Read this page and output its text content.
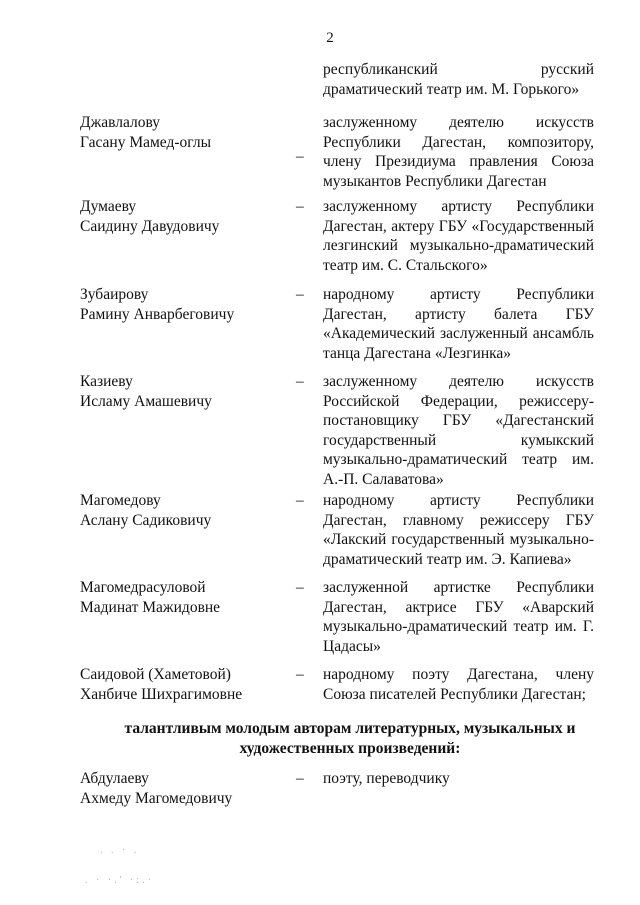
2
республиканский русский драматический театр им. М. Горького»
Джавлалову
Гасану Мамед-оглы
–
заслуженному деятелю искусств Республики Дагестан, композитору, члену Президиума правления Союза музыкантов Республики Дагестан
Думаеву
Саидину Давудовичу
– заслуженному артисту Республики Дагестан, актеру ГБУ «Государственный лезгинский музыкально-драматический театр им. С. Стальского»
Зубаирову
Рамину Анварбеговичу
– народному артисту Республики Дагестан, артисту балета ГБУ «Академический заслуженный ансамбль танца Дагестана «Лезгинка»
Казиеву
Исламу Амашевичу
– заслуженному деятелю искусств Российской Федерации, режиссеру-постановщику ГБУ «Дагестанский государственный кумыкский музыкально-драматический театр им. А.-П. Салаватова»
Магомедову
Аслану Садиковичу
– народному артисту Республики Дагестан, главному режиссеру ГБУ «Лакский государственный музыкально-драматический театр им. Э. Капиева»
Магомедрасуловой
Мадинат Мажидовне
– заслуженной артистке Республики Дагестан, актрисе ГБУ «Аварский музыкально-драматический театр им. Г. Цадасы»
Саидовой (Хаметовой)
Ханбиче Шихрагимовне
– народному поэту Дагестана, члену Союза писателей Республики Дагестан;
талантливым молодым авторам литературных, музыкальных и художественных произведений:
Абдулаеву
Ахмеду Магомедовичу
– поэту, переводчику
. . · .
. · ·.' ·:.·
